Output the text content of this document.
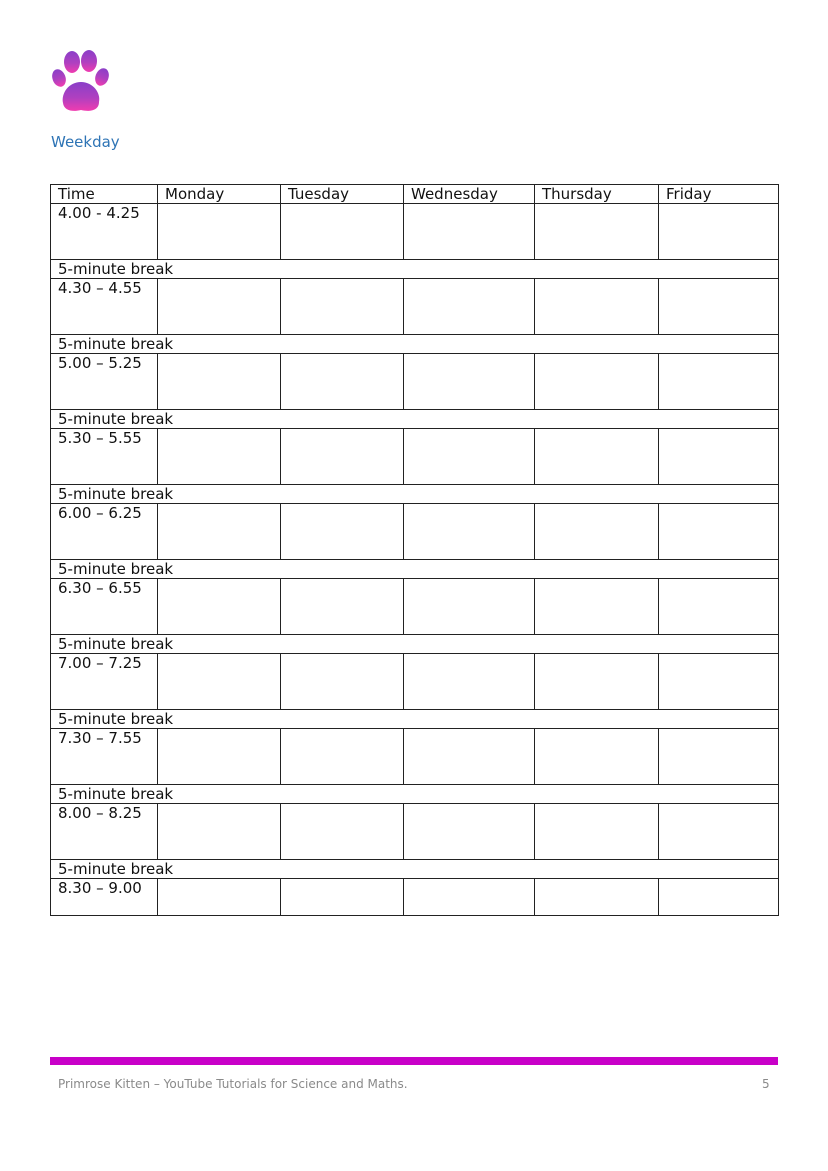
Weekday
Time	Monday	Tuesday	Wednesday	Thursday	Friday
4.00 - 4.25					
5-minute break					
4.30 – 4.55					
5-minute break					
5.00 – 5.25					
5-minute break					
5.30 – 5.55					
5-minute break					
6.00 – 6.25					
5-minute break					
6.30 – 6.55					
5-minute break					
7.00 – 7.25					
5-minute break					
7.30 – 7.55					
5-minute break					
8.00 – 8.25					
5-minute break					
8.30 – 9.00					
Primrose Kitten – YouTube Tutorials for Science and Maths.	5
